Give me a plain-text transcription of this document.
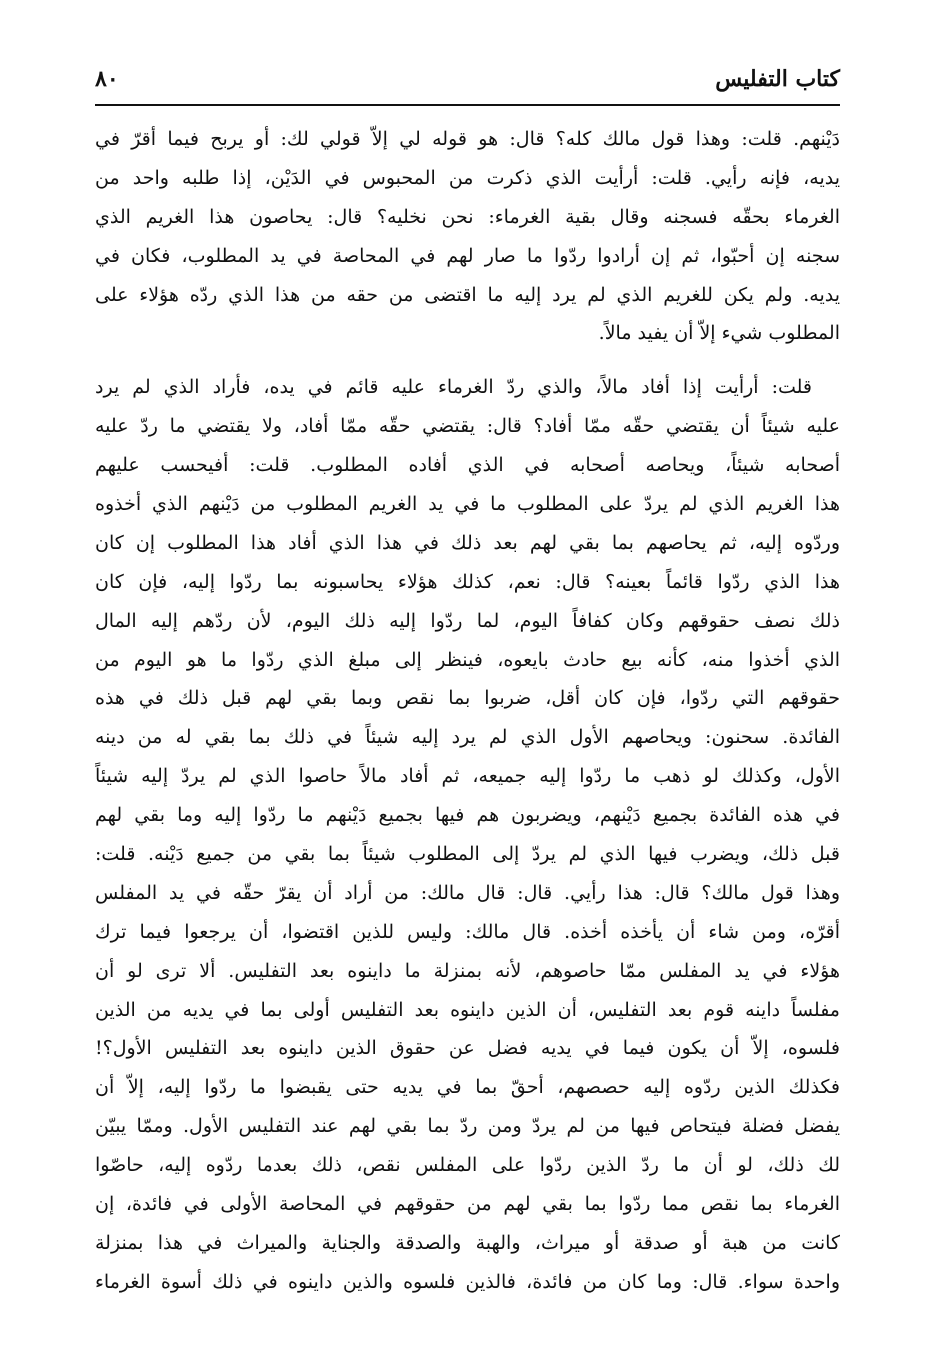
كتاب التفليس
٨٠
دَيْنهم. قلت: وهذا قول مالك كله؟ قال: هو قوله لي إلاّ قولي لك: أو يربح فيما أقرّ في
يديه، فإنه رأيي. قلت: أرأيت الذي ذكرت من المحبوس في الدَيْن، إذا طلبه واحد من
الغرماء بحقّه فسجنه وقال بقية الغرماء: نحن نخليه؟ قال: يحاصون هذا الغريم الذي
سجنه إن أحبّوا، ثم إن أرادوا ردّوا ما صار لهم في المحاصة في يد المطلوب، فكان في
يديه. ولم يكن للغريم الذي لم يرد إليه ما اقتضى من حقه من هذا الذي ردّه هؤلاء على
المطلوب شيء إلاّ أن يفيد مالاً.
قلت: أرأيت إذا أفاد مالاً، والذي ردّ الغرماء عليه قائم في يده، فأراد الذي لم يرد
عليه شيئاً أن يقتضي حقّه ممّا أفاد؟ قال: يقتضي حقّه ممّا أفاد، ولا يقتضي ما ردّ عليه
أصحابه شيئاً، ويحاصه أصحابه في الذي أفاده المطلوب. قلت: أفيحسب عليهم
هذا الغريم الذي لم يردّ على المطلوب ما في يد الغريم المطلوب من دَيْنهم الذي أخذوه
وردّوه إليه، ثم يحاصهم بما بقي لهم بعد ذلك في هذا الذي أفاد هذا المطلوب إن كان
هذا الذي ردّوا قائماً بعينه؟ قال: نعم، كذلك هؤلاء يحاسبونه بما ردّوا إليه، فإن كان
ذلك نصف حقوقهم وكان كفافاً اليوم، لما ردّوا إليه ذلك اليوم، لأن ردّهم إليه المال
الذي أخذوا منه، كأنه بيع حادث بايعوه، فينظر إلى مبلغ الذي ردّوا ما هو اليوم من
حقوقهم التي ردّوا، فإن كان أقل، ضربوا بما نقص وبما بقي لهم قبل ذلك في هذه
الفائدة. سحنون: ويحاصهم الأول الذي لم يرد إليه شيئاً في ذلك بما بقي له من دينه
الأول، وكذلك لو ذهب ما ردّوا إليه جميعه، ثم أفاد مالاً حاصوا الذي لم يردّ إليه شيئاً
في هذه الفائدة بجميع دَيْنهم، ويضربون هم فيها بجميع دَيْنهم ما ردّوا إليه وما بقي لهم
قبل ذلك، ويضرب فيها الذي لم يردّ إلى المطلوب شيئاً بما بقي من جميع دَيْنه. قلت:
وهذا قول مالك؟ قال: هذا رأيي. قال: قال مالك: من أراد أن يقرّ حقّه في يد المفلس
أقرّه، ومن شاء أن يأخذه أخذه. قال مالك: وليس للذين اقتضوا، أن يرجعوا فيما ترك
هؤلاء في يد المفلس ممّا حاصوهم، لأنه بمنزلة ما داينوه بعد التفليس. ألا ترى لو أن
مفلساً داينه قوم بعد التفليس، أن الذين داينوه بعد التفليس أولى بما في يديه من الذين
فلسوه، إلاّ أن يكون فيما في يديه فضل عن حقوق الذين داينوه بعد التفليس الأول؟!
فكذلك الذين ردّوه إليه حصصهم، أحقّ بما في يديه حتى يقبضوا ما ردّوا إليه، إلاّ أن
يفضل فضلة فيتحاص فيها من لم يردّ ومن ردّ بما بقي لهم عند التفليس الأول. وممّا يبيّن
لك ذلك، لو أن ما ردّ الذين ردّوا على المفلس نقص، ذلك بعدما ردّوه إليه، حاصّوا
الغرماء بما نقص مما ردّوا بما بقي لهم من حقوقهم في المحاصة الأولى في فائدة، إن
كانت من هبة أو صدقة أو ميراث، والهبة والصدقة والجناية والميراث في هذا بمنزلة
واحدة سواء. قال: وما كان من فائدة، فالذين فلسوه والذين داينوه في ذلك أسوة الغرماء
